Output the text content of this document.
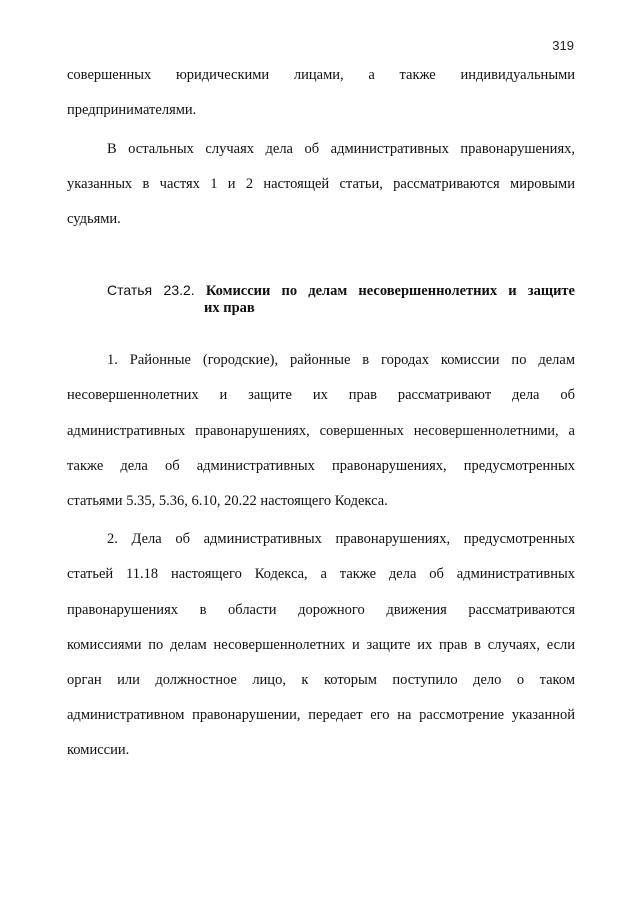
319
совершенных юридическими лицами, а также индивидуальными
предпринимателями.
В остальных случаях дела об административных правонарушениях,
указанных в частях 1 и 2 настоящей статьи, рассматриваются мировыми
судьями.
Статья 23.2. Комиссии по делам несовершеннолетних и защите
их прав
1. Районные (городские), районные в городах комиссии по делам
несовершеннолетних и защите их прав рассматривают дела об
административных правонарушениях, совершенных несовершеннолетними, а
также дела об административных правонарушениях, предусмотренных
статьями 5.35, 5.36, 6.10, 20.22 настоящего Кодекса.
2. Дела об административных правонарушениях, предусмотренных
статьей 11.18 настоящего Кодекса, а также дела об административных
правонарушениях в области дорожного движения рассматриваются
комиссиями по делам несовершеннолетних и защите их прав в случаях, если
орган или должностное лицо, к которым поступило дело о таком
административном правонарушении, передает его на рассмотрение указанной
комиссии.
